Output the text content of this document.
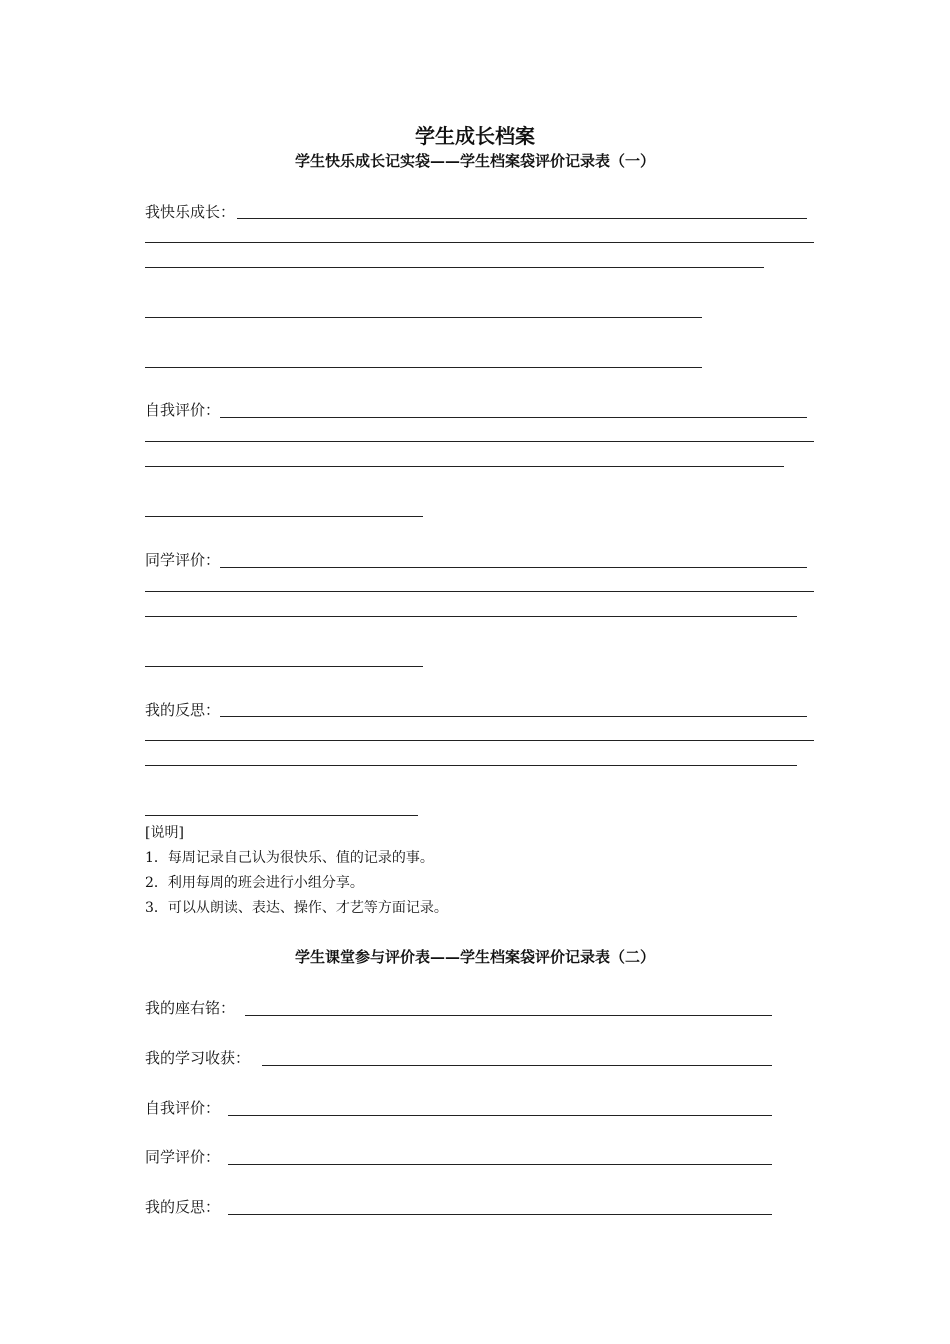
学生成长档案
学生快乐成长记实袋——学生档案袋评价记录表（一）
我快乐成长：
自我评价：
同学评价：
我的反思：
[说明]
1．每周记录自己认为很快乐、值的记录的事。
2．利用每周的班会进行小组分享。
3．可以从朗读、表达、操作、才艺等方面记录。
学生课堂参与评价表——学生档案袋评价记录表（二）
我的座右铭：
我的学习收获：
自我评价：
同学评价：
我的反思：
